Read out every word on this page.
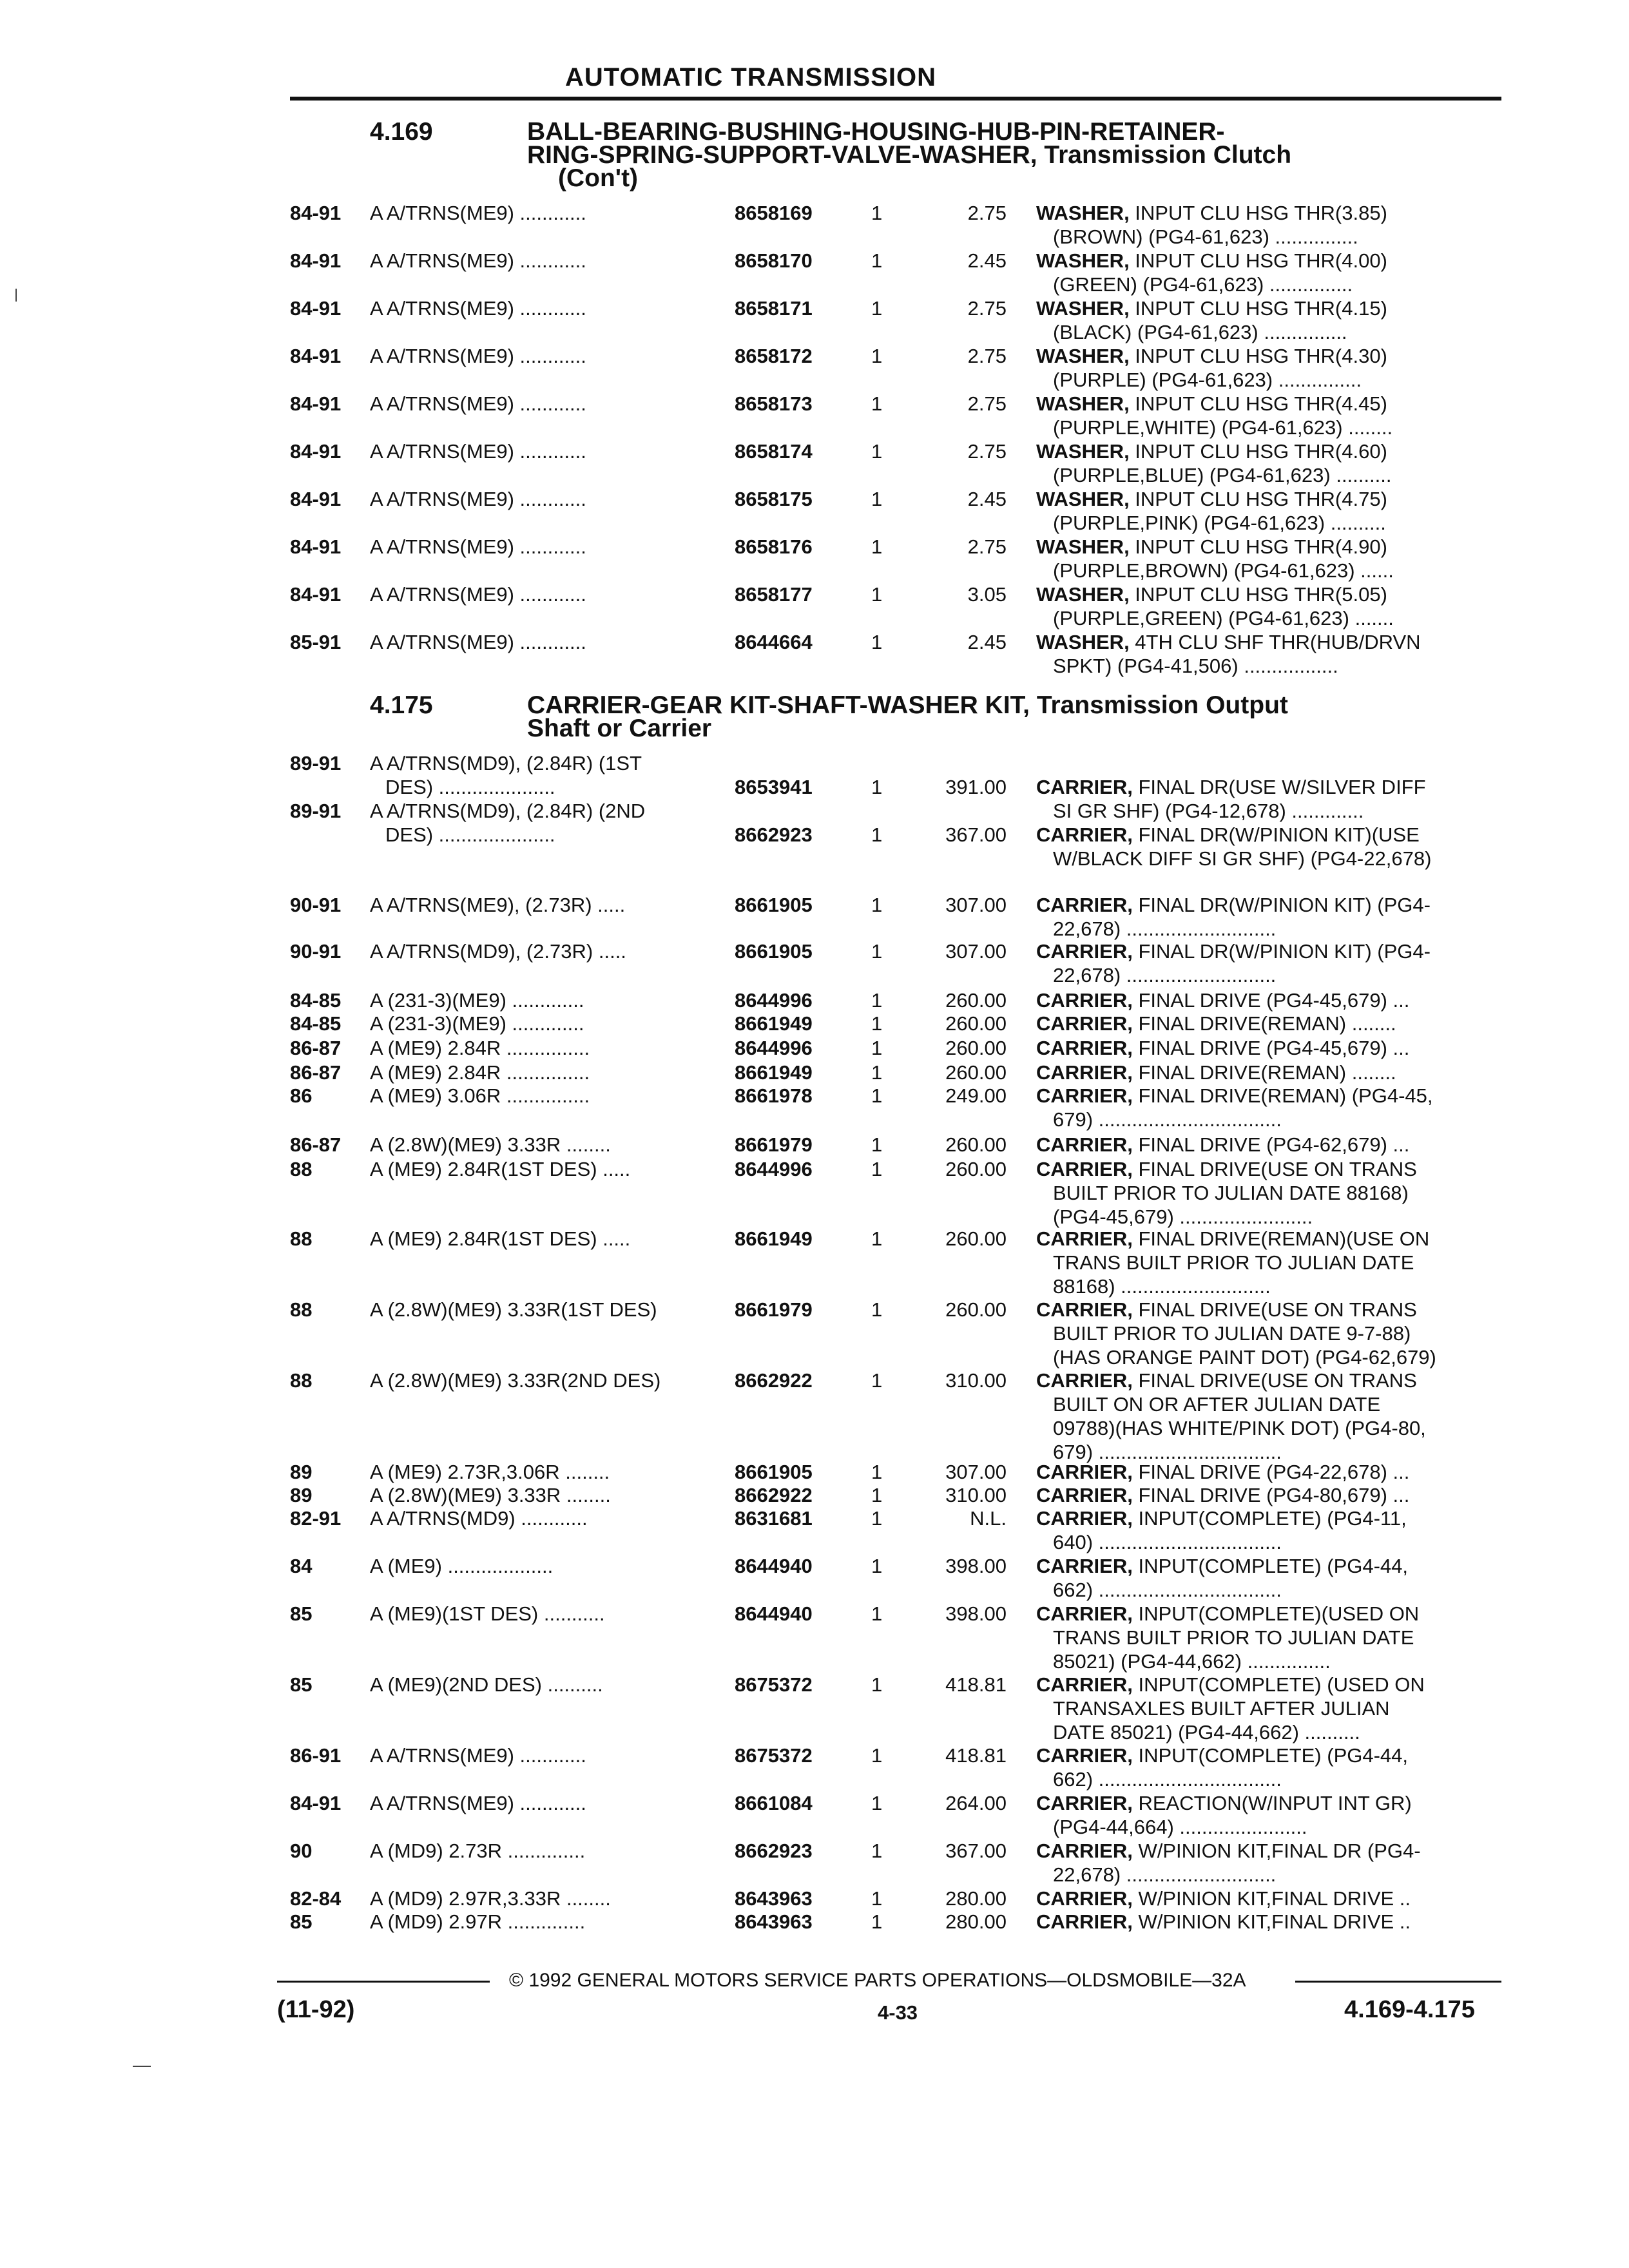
AUTOMATIC TRANSMISSION
4.169	BALL-BEARING-BUSHING-HOUSING-HUB-PIN-RETAINER-
RING-SPRING-SUPPORT-VALVE-WASHER, Transmission Clutch
(Con't)
4.175	CARRIER-GEAR KIT-SHAFT-WASHER KIT, Transmission Output
Shaft or Carrier
84-91 A A/TRNS(ME9) ............	8658169	1	2.75 WASHER, INPUT CLU HSG THR(3.85)
(BROWN) (PG4-61,623) ...............
84-91 A A/TRNS(ME9) ............	8658170	1	2.45 WASHER, INPUT CLU HSG THR(4.00)
(GREEN) (PG4-61,623) ...............
84-91 A A/TRNS(ME9) ............	8658171	1	2.75 WASHER, INPUT CLU HSG THR(4.15)
(BLACK) (PG4-61,623) ...............
84-91 A A/TRNS(ME9) ............	8658172	1	2.75 WASHER, INPUT CLU HSG THR(4.30)
(PURPLE) (PG4-61,623) ...............
84-91 A A/TRNS(ME9) ............	8658173	1	2.75 WASHER, INPUT CLU HSG THR(4.45)
(PURPLE,WHITE) (PG4-61,623) ........
84-91 A A/TRNS(ME9) ............	8658174	1	2.75 WASHER, INPUT CLU HSG THR(4.60)
(PURPLE,BLUE) (PG4-61,623) ..........
84-91 A A/TRNS(ME9) ............	8658175	1	2.45 WASHER, INPUT CLU HSG THR(4.75)
(PURPLE,PINK) (PG4-61,623) ..........
84-91 A A/TRNS(ME9) ............	8658176	1	2.75 WASHER, INPUT CLU HSG THR(4.90)
(PURPLE,BROWN) (PG4-61,623) ......
84-91 A A/TRNS(ME9) ............	8658177	1	3.05 WASHER, INPUT CLU HSG THR(5.05)
(PURPLE,GREEN) (PG4-61,623) .......
85-91 A A/TRNS(ME9) ............	8644664	1	2.45 WASHER, 4TH CLU SHF THR(HUB/DRVN
SPKT) (PG4-41,506) .................
89-91 A A/TRNS(MD9), (2.84R) (1ST
DES) .....................	8653941	1	391.00 CARRIER, FINAL DR(USE W/SILVER DIFF
SI GR SHF) (PG4-12,678) .............
89-91 A A/TRNS(MD9), (2.84R) (2ND
DES) .....................	8662923	1	367.00 CARRIER, FINAL DR(W/PINION KIT)(USE
W/BLACK DIFF SI GR SHF) (PG4-22,678)
90-91 A A/TRNS(ME9), (2.73R) .....	8661905	1	307.00 CARRIER, FINAL DR(W/PINION KIT) (PG4-
22,678) ...........................
90-91 A A/TRNS(MD9), (2.73R) .....	8661905	1	307.00 CARRIER, FINAL DR(W/PINION KIT) (PG4-
22,678) ...........................
84-85 A (231-3)(ME9) .............	8644996	1	260.00 CARRIER, FINAL DRIVE (PG4-45,679) ...
84-85 A (231-3)(ME9) .............	8661949	1	260.00 CARRIER, FINAL DRIVE(REMAN) ........
86-87 A (ME9) 2.84R ...............	8644996	1	260.00 CARRIER, FINAL DRIVE (PG4-45,679) ...
86-87 A (ME9) 2.84R ...............	8661949	1	260.00 CARRIER, FINAL DRIVE(REMAN) ........
86	A (ME9) 3.06R ...............	8661978	1	249.00 CARRIER, FINAL DRIVE(REMAN) (PG4-45,
679) .................................
86-87 A (2.8W)(ME9) 3.33R ........	8661979	1	260.00 CARRIER, FINAL DRIVE (PG4-62,679) ...
88	A (ME9) 2.84R(1ST DES) .....	8644996	1	260.00 CARRIER, FINAL DRIVE(USE ON TRANS
BUILT PRIOR TO JULIAN DATE 88168)
(PG4-45,679) ........................
88	A (ME9) 2.84R(1ST DES) .....	8661949	1	260.00 CARRIER, FINAL DRIVE(REMAN)(USE ON
TRANS BUILT PRIOR TO JULIAN DATE
88168) ...........................
88	A (2.8W)(ME9) 3.33R(1ST DES)	8661979	1	260.00 CARRIER, FINAL DRIVE(USE ON TRANS
BUILT PRIOR TO JULIAN DATE 9-7-88)
(HAS ORANGE PAINT DOT) (PG4-62,679)
88	A (2.8W)(ME9) 3.33R(2ND DES)	8662922	1	310.00 CARRIER, FINAL DRIVE(USE ON TRANS
BUILT ON OR AFTER JULIAN DATE
09788)(HAS WHITE/PINK DOT) (PG4-80,
679) .................................
89	A (ME9) 2.73R,3.06R ........	8661905	1	307.00 CARRIER, FINAL DRIVE (PG4-22,678) ...
89	A (2.8W)(ME9) 3.33R ........	8662922	1	310.00 CARRIER, FINAL DRIVE (PG4-80,679) ...
82-91 A A/TRNS(MD9) ............	8631681	1	N.L. CARRIER, INPUT(COMPLETE) (PG4-11,
640) .................................
84	A (ME9) ...................	8644940	1	398.00 CARRIER, INPUT(COMPLETE) (PG4-44,
662) .................................
85	A (ME9)(1ST DES) ...........	8644940	1	398.00 CARRIER, INPUT(COMPLETE)(USED ON
TRANS BUILT PRIOR TO JULIAN DATE
85021) (PG4-44,662) ...............
85	A (ME9)(2ND DES) ..........	8675372	1	418.81 CARRIER, INPUT(COMPLETE) (USED ON
TRANSAXLES BUILT AFTER JULIAN
DATE 85021) (PG4-44,662) ..........
86-91 A A/TRNS(ME9) ............	8675372	1	418.81 CARRIER, INPUT(COMPLETE) (PG4-44,
662) .................................
84-91 A A/TRNS(ME9) ............	8661084	1	264.00 CARRIER, REACTION(W/INPUT INT GR)
(PG4-44,664) .......................
90	A (MD9) 2.73R ..............	8662923	1	367.00 CARRIER, W/PINION KIT,FINAL DR (PG4-
22,678) ...........................
82-84 A (MD9) 2.97R,3.33R ........	8643963	1	280.00 CARRIER, W/PINION KIT,FINAL DRIVE ..
85	A (MD9) 2.97R ..............	8643963	1	280.00 CARRIER, W/PINION KIT,FINAL DRIVE ..
© 1992 GENERAL MOTORS SERVICE PARTS OPERATIONS—OLDSMOBILE—32A
(11-92)	4-33	4.169-4.175
